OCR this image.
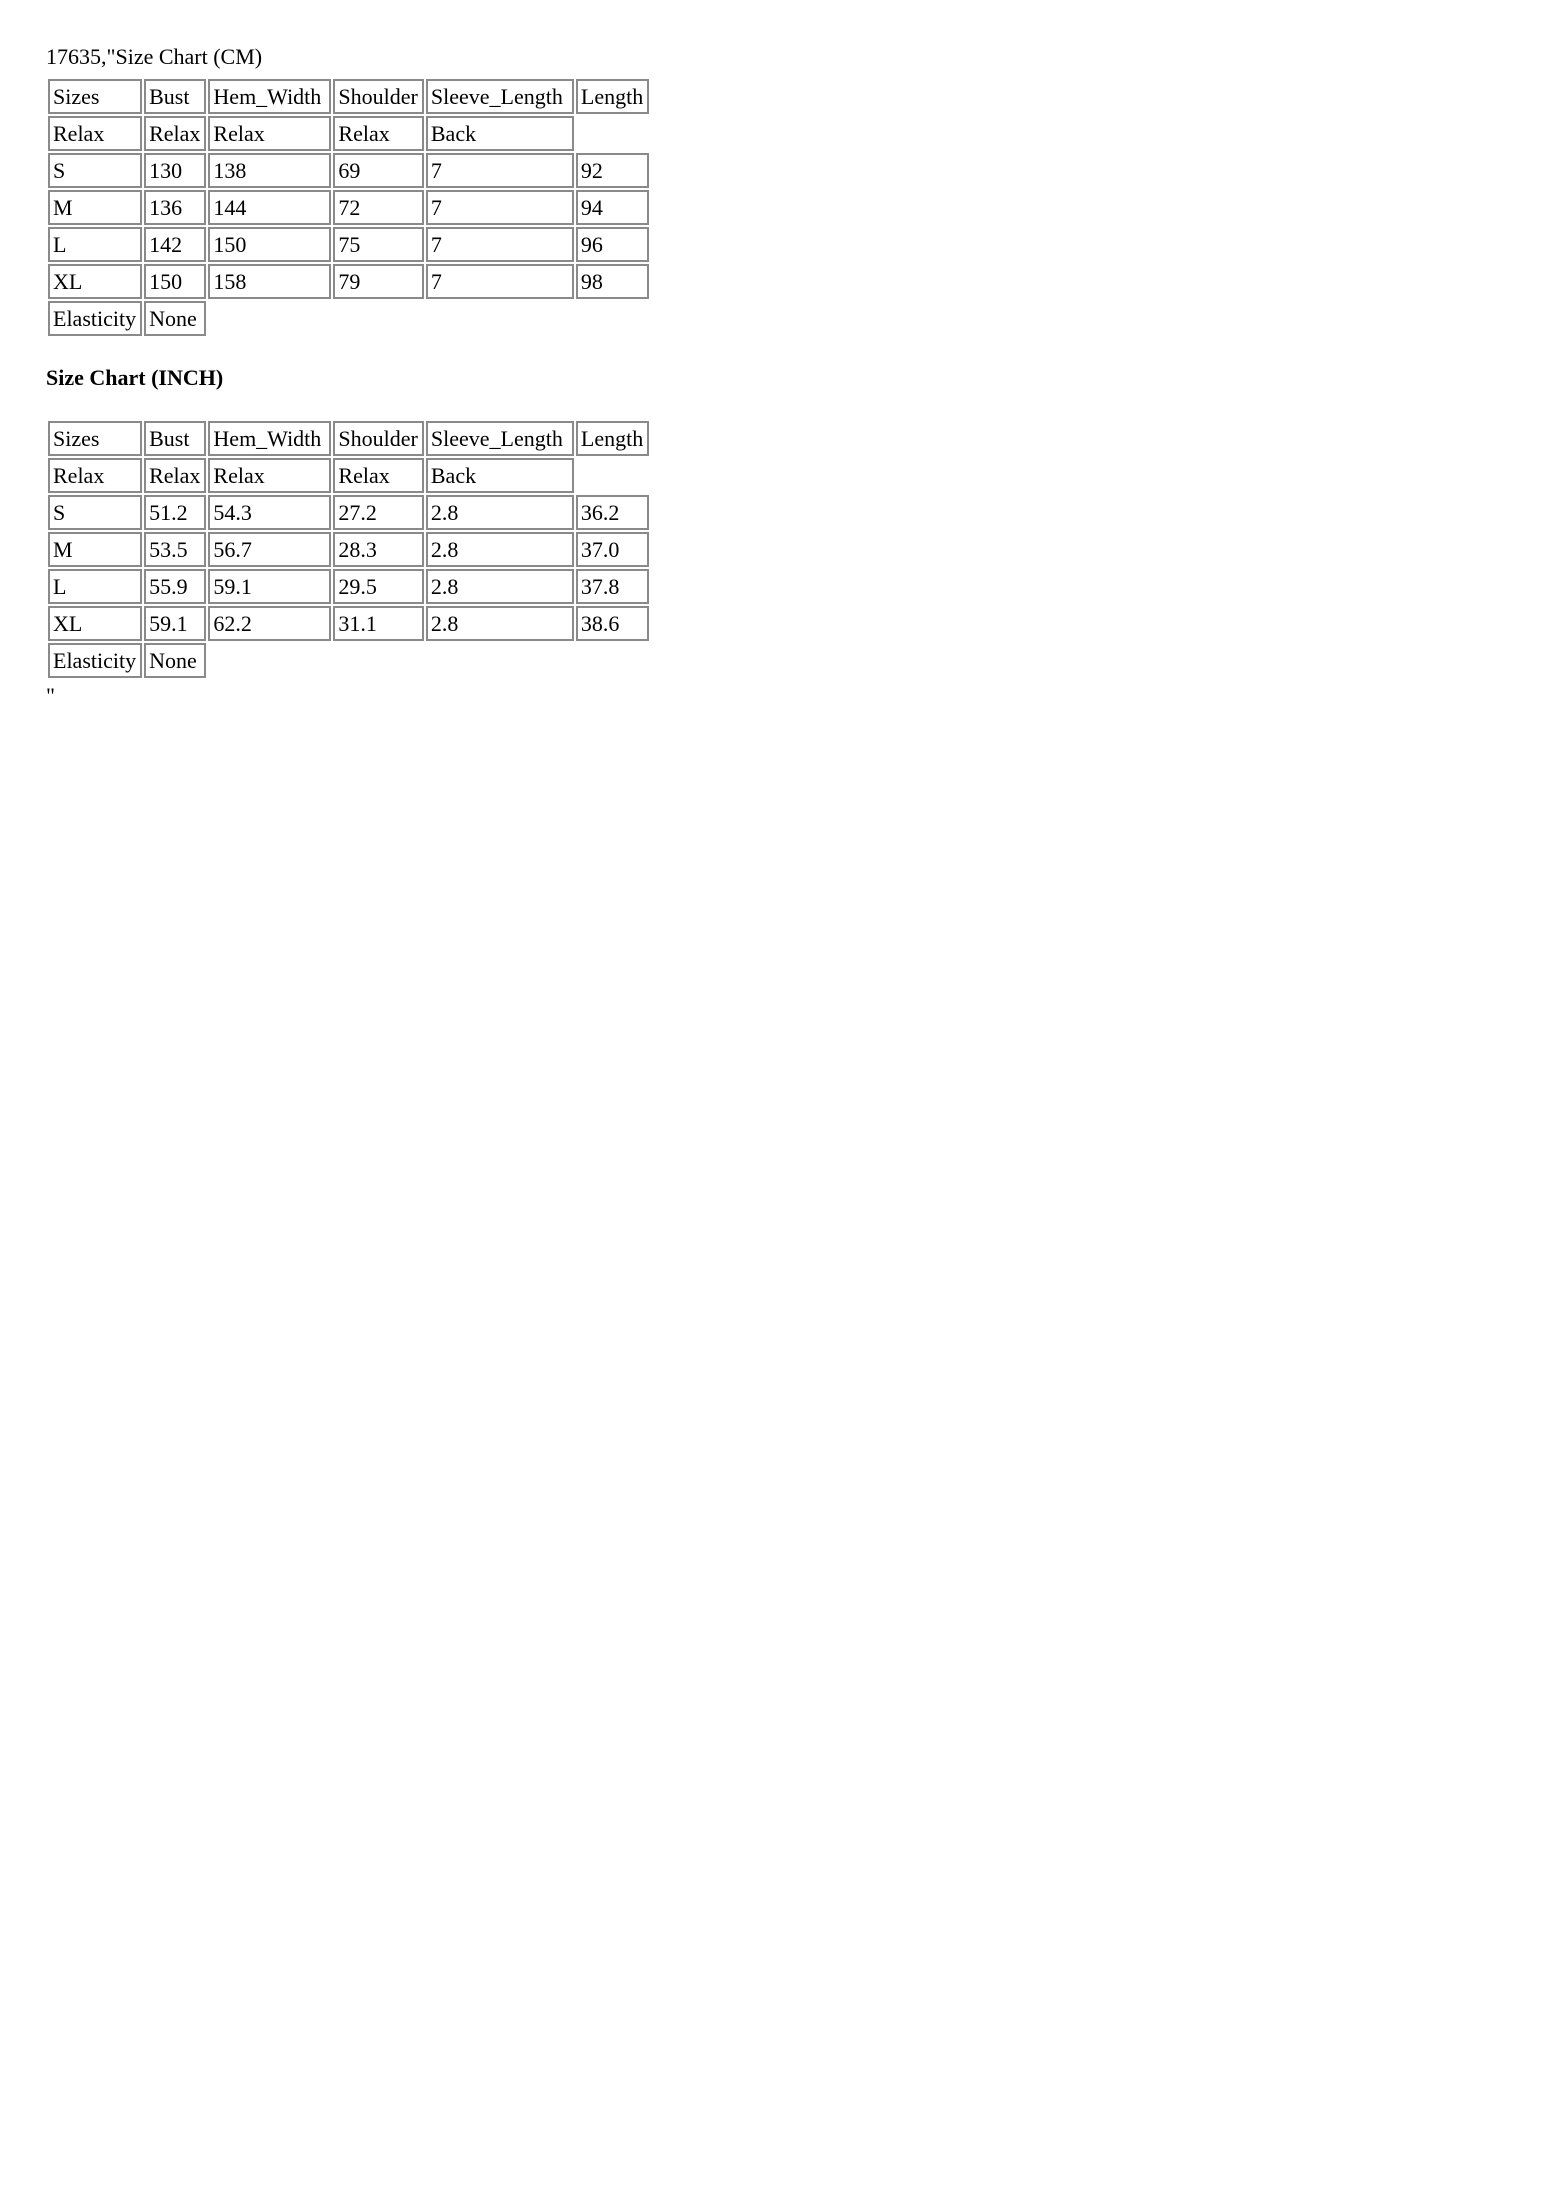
17635,"Size Chart (CM)

Sizes	Bust	Hem_Width	Shoulder	Sleeve_Length	Length
Relax	Relax	Relax	Relax	Back	
S	130	138	69	7	92
M	136	144	72	7	94
L	142	150	75	7	96
XL	150	158	79	7	98
Elasticity	None				

Size Chart (INCH)

Sizes	Bust	Hem_Width	Shoulder	Sleeve_Length	Length
Relax	Relax	Relax	Relax	Back	
S	51.2	54.3	27.2	2.8	36.2
M	53.5	56.7	28.3	2.8	37.0
L	55.9	59.1	29.5	2.8	37.8
XL	59.1	62.2	31.1	2.8	38.6
Elasticity	None				

"
